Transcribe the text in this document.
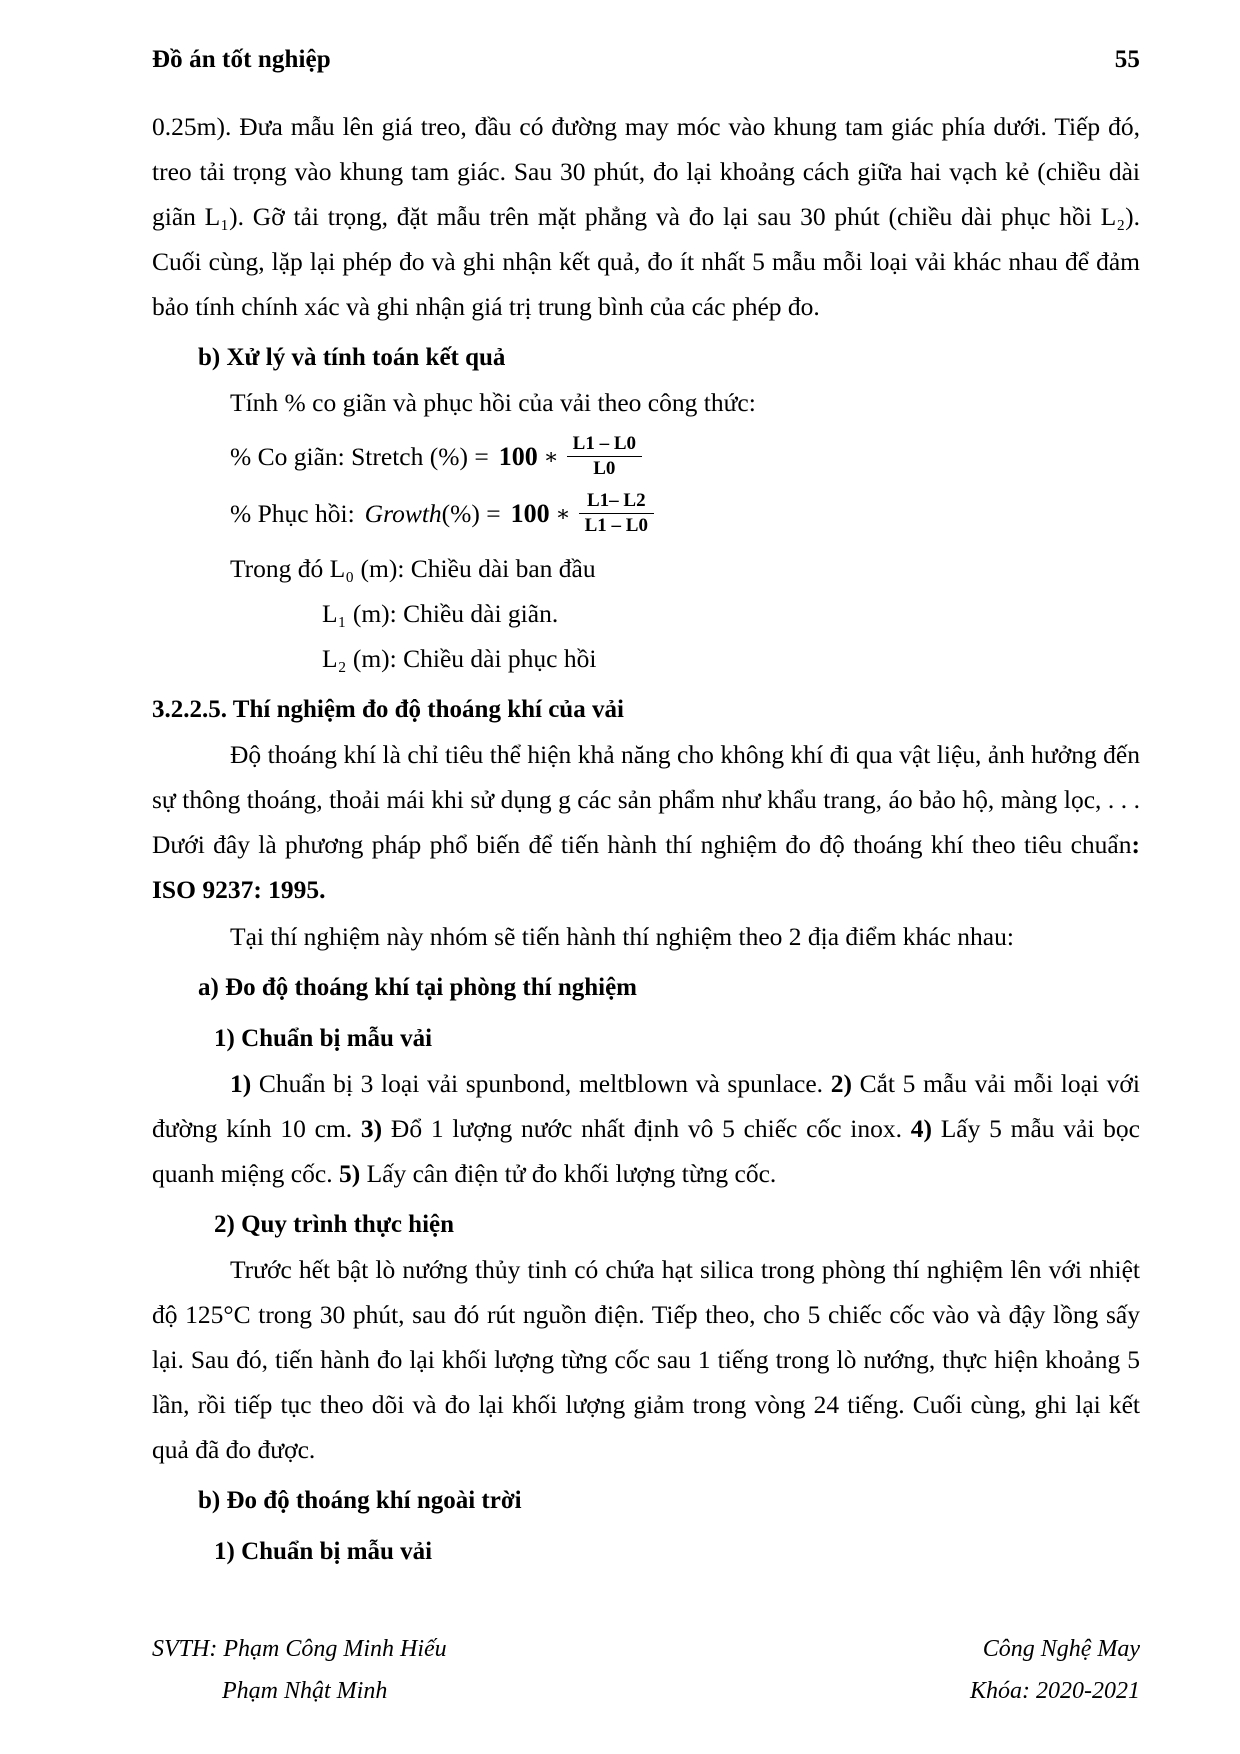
Đồ án tốt nghiệp	55

0.25m). Đưa mẫu lên giá treo, đầu có đường may móc vào khung tam giác phía dưới. Tiếp đó, treo tải trọng vào khung tam giác. Sau 30 phút, đo lại khoảng cách giữa hai vạch kẻ (chiều dài giãn L₁). Gỡ tải trọng, đặt mẫu trên mặt phẳng và đo lại sau 30 phút (chiều dài phục hồi L₂). Cuối cùng, lặp lại phép đo và ghi nhận kết quả, đo ít nhất 5 mẫu mỗi loại vải khác nhau để đảm bảo tính chính xác và ghi nhận giá trị trung bình của các phép đo.

b) Xử lý và tính toán kết quả

Tính % co giãn và phục hồi của vải theo công thức:

% Co giãn: Stretch (%) = 100 ∗ $\frac{L1 - L0}{L0}$
% Phục hồi: Growth (%) = 100 ∗ $\frac{L1- L2}{L1 - L0}$
Trong đó L₀ (m): Chiều dài ban đầu
L₁ (m): Chiều dài giãn.
L₂ (m): Chiều dài phục hồi
3.2.2.5. Thí nghiệm đo độ thoáng khí của vải

Độ thoáng khí là chỉ tiêu thể hiện khả năng cho không khí đi qua vật liệu, ảnh hưởng đến sự thông thoáng, thoải mái khi sử dụng g các sản phẩm như khẩu trang, áo bảo hộ, màng lọc, . . . Dưới đây là phương pháp phổ biến để tiến hành thí nghiệm đo độ thoáng khí theo tiêu chuẩn: ISO 9237: 1995.

Tại thí nghiệm này nhóm sẽ tiến hành thí nghiệm theo 2 địa điểm khác nhau:

a) Đo độ thoáng khí tại phòng thí nghiệm
1) Chuẩn bị mẫu vải

1) Chuẩn bị 3 loại vải spunbond, meltblown và spunlace. 2) Cắt 5 mẫu vải mỗi loại với đường kính 10 cm. 3) Đổ 1 lượng nước nhất định vô 5 chiếc cốc inox. 4) Lấy 5 mẫu vải bọc quanh miệng cốc. 5) Lấy cân điện tử đo khối lượng từng cốc.

2) Quy trình thực hiện

Trước hết bật lò nướng thủy tinh có chứa hạt silica trong phòng thí nghiệm lên với nhiệt độ 125°C trong 30 phút, sau đó rút nguồn điện. Tiếp theo, cho 5 chiếc cốc vào và đậy lồng sấy lại. Sau đó, tiến hành đo lại khối lượng từng cốc sau 1 tiếng trong lò nướng, thực hiện khoảng 5 lần, rồi tiếp tục theo dõi và đo lại khối lượng giảm trong vòng 24 tiếng. Cuối cùng, ghi lại kết quả đã đo được.

b) Đo độ thoáng khí ngoài trời
1) Chuẩn bị mẫu vải
SVTH: Phạm Công Minh Hiếu	Công Nghệ May
Phạm Nhật Minh	Khóa: 2020-2021
